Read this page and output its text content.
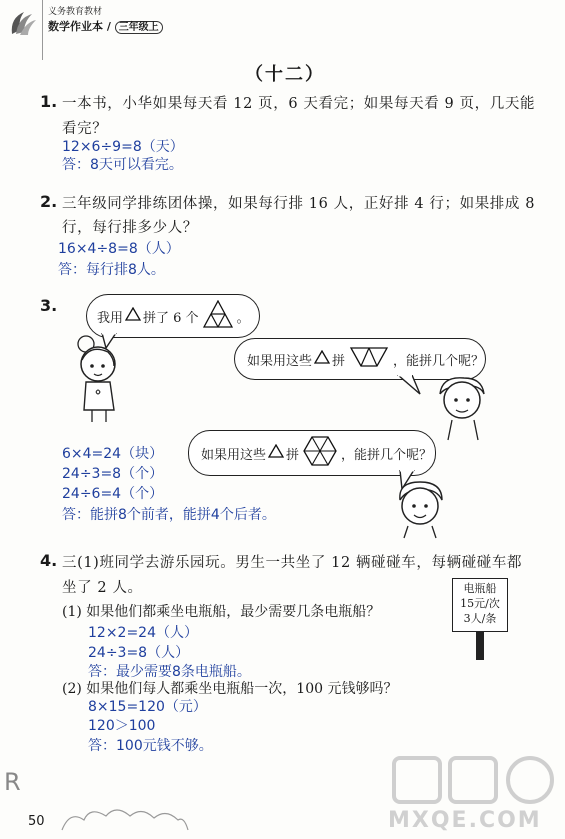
义务教育教材
数学作业本 / 三年级上
（十二）
1. 一本书，小华如果每天看 12 页，6 天看完；如果每天看 9 页，几天能
看完？
12×6÷9=8（天）
答：8天可以看完。
2. 三年级同学排练团体操，如果每行排 16 人，正好排 4 行；如果排成 8
行，每行排多少人？
16×4÷8=8（人）
答：每行排8人。
3.
我用 拼了 6 个	。
如果用这些 拼	，能拼几个呢？
如果用这些 拼	，能拼几个呢？
6×4=24（块）
24÷3=8（个）
24÷6=4（个）
答：能拼8个前者，能拼4个后者。
4. 三(1)班同学去游乐园玩。男生一共坐了 12 辆碰碰车，每辆碰碰车都
坐了 2 人。	电瓶船
15元/次
3人/条
(1) 如果他们都乘坐电瓶船，最少需要几条电瓶船？
12×2=24（人）
24÷3=8（人）
答：最少需要8条电瓶船。
(2) 如果他们每人都乘坐电瓶船一次，100 元钱够吗？
8×15=120（元）
120＞100
答：100元钱不够。
R
50	MXQE.COM
